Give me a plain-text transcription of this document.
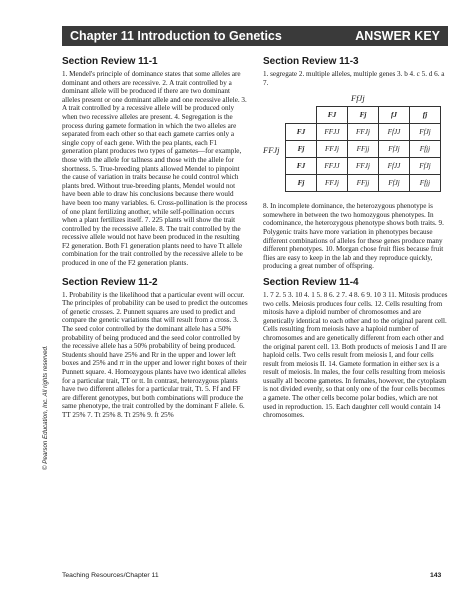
Chapter 11 Introduction to Genetics	ANSWER KEY
Section Review 11-1

1. Mendel's principle of dominance states that some alleles are dominant and others are recessive. 2. A trait controlled by a dominant allele will be produced if there are two dominant alleles present or one dominant allele and one recessive allele. 3. A trait controlled by a recessive allele will be produced only when two recessive alleles are present. 4. Segregation is the process during gamete formation in which the two alleles are separated from each other so that each gamete carries only a single copy of each gene. With the pea plants, each F1 generation plant produces two types of gametes—for example, those with the allele for tallness and those with the allele for shortness. 5. True-breeding plants allowed Mendel to pinpoint the cause of variation in traits because he could control which plants bred. Without true-breeding plants, Mendel would not have been able to draw his conclusions because there would have been too many variables. 6. Cross-pollination is the process of one plant fertilizing another, while self-pollination occurs when a plant fertilizes itself. 7. 225 plants will show the trait controlled by the recessive allele. 8. The trait controlled by the recessive allele would not have been produced in the resulting F2 generation. Both F1 generation plants need to have Tt allele combination for the trait controlled by the recessive allele to be produced in one of the F2 generation plants.

Section Review 11-2

1. Probability is the likelihood that a particular event will occur. The principles of probability can be used to predict the outcomes of genetic crosses. 2. Punnett squares are used to predict and compare the genetic variations that will result from a cross. 3. The seed color controlled by the dominant allele has a 50% probability of being produced and the seed color controlled by the recessive allele has a 50% probability of being produced. Students should have 25% and Rr in the upper and lower left boxes and 25% and rr in the upper and lower right boxes of their Punnett square. 4. Homozygous plants have two identical alleles for a particular trait, TT or tt. In contrast, heterozygous plants have two different alleles for a particular trait, Tt. 5. Ff and FF are different genotypes, but both combinations will produce the same phenotype, the trait controlled by the dominant F allele. 6. TT 25% 7. Tt 25% 8. Tt 25% 9. ft 25%

Section Review 11-3

1. segregate 2. multiple alleles, multiple genes 3. b 4. c 5. d 6. a 7.

FfJj
FFJj
	FJ	Fj	fJ	fj
FJ	FFJJ	FFJj	FfJJ	FfJj
Fj	FFJj	FFjj	FfJj	Ffjj
FJ	FFJJ	FFJj	FfJJ	FfJj
Fj	FFJj	FFjj	FfJj	Ffjj

8. In incomplete dominance, the heterozygous phenotype is somewhere in between the two homozygous phenotypes. In codominance, the heterozygous phenotype shows both traits. 9. Polygenic traits have more variation in phenotypes because different combinations of alleles for these genes produce many different phenotypes. 10. Morgan chose fruit flies because fruit flies are easy to keep in the lab and they reproduce quickly, producing a great number of offspring.

Section Review 11-4

1. 7 2. 5 3. 10 4. 1 5. 8 6. 2 7. 4 8. 6 9. 10 3 11. Mitosis produces two cells. Meiosis produces four cells. 12. Cells resulting from mitosis have a diploid number of chromosomes and are genetically identical to each other and to the original parent cell. Cells resulting from meiosis have a haploid number of chromosomes and are genetically different from each other and the original parent cell. 13. Both products of meiosis I and II are haploid cells. Two cells result from meiosis I, and four cells result from meiosis II. 14. Gamete formation in either sex is a result of meiosis. In males, the four cells resulting from meiosis usually all become gametes. In females, however, the cytoplasm is not divided evenly, so that only one of the four cells becomes a gamete. The other cells become polar bodies, which are not used in reproduction. 15. Each daughter cell would contain 14 chromosomes.

© Pearson Education, Inc. All rights reserved.
Teaching Resources/Chapter 11	143
